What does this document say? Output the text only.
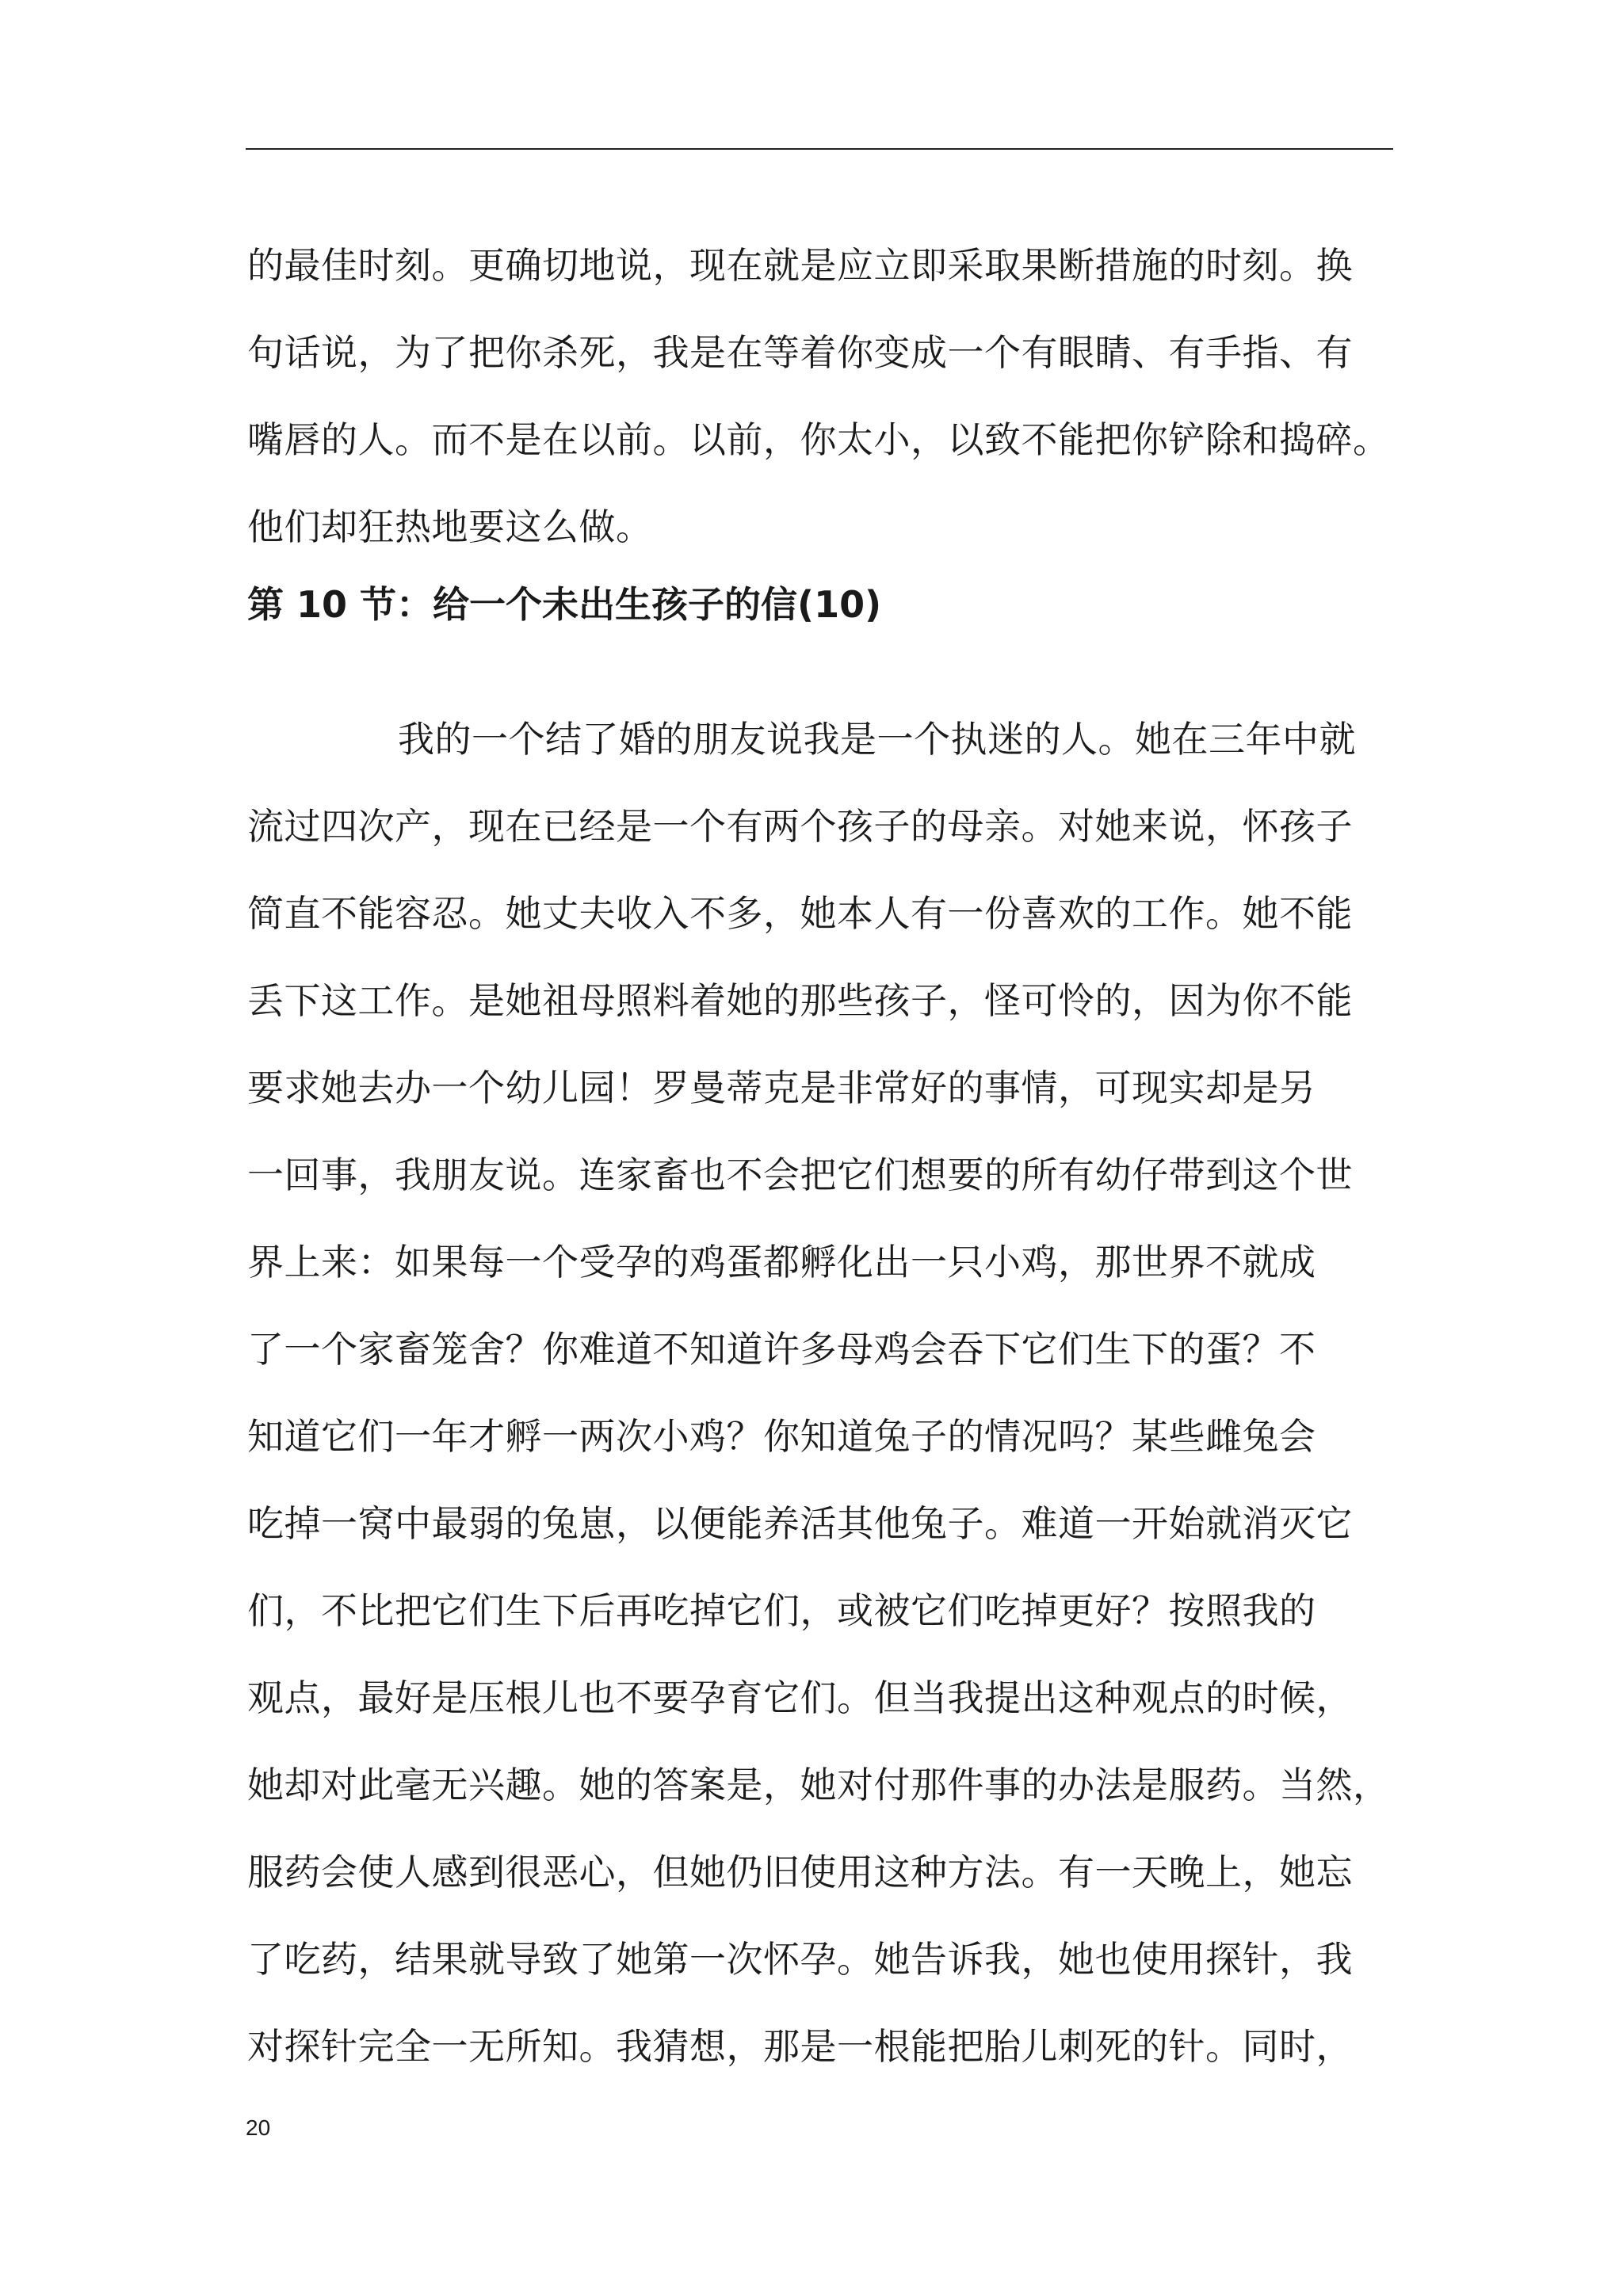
的最佳时刻。更确切地说，现在就是应立即采取果断措施的时刻。换
句话说，为了把你杀死，我是在等着你变成一个有眼睛、有手指、有
嘴唇的人。而不是在以前。以前，你太小，以致不能把你铲除和捣碎。
他们却狂热地要这么做。
第 10 节：给一个未出生孩子的信(10)
我的一个结了婚的朋友说我是一个执迷的人。她在三年中就
流过四次产，现在已经是一个有两个孩子的母亲。对她来说，怀孩子
简直不能容忍。她丈夫收入不多，她本人有一份喜欢的工作。她不能
丢下这工作。是她祖母照料着她的那些孩子，怪可怜的，因为你不能
要求她去办一个幼儿园！罗曼蒂克是非常好的事情，可现实却是另
一回事，我朋友说。连家畜也不会把它们想要的所有幼仔带到这个世
界上来：如果每一个受孕的鸡蛋都孵化出一只小鸡，那世界不就成
了一个家畜笼舍？你难道不知道许多母鸡会吞下它们生下的蛋？不
知道它们一年才孵一两次小鸡？你知道兔子的情况吗？某些雌兔会
吃掉一窝中最弱的兔崽，以便能养活其他兔子。难道一开始就消灭它
们，不比把它们生下后再吃掉它们，或被它们吃掉更好？按照我的
观点，最好是压根儿也不要孕育它们。但当我提出这种观点的时候，
她却对此毫无兴趣。她的答案是，她对付那件事的办法是服药。当然，
服药会使人感到很恶心，但她仍旧使用这种方法。有一天晚上，她忘
了吃药，结果就导致了她第一次怀孕。她告诉我，她也使用探针，我
对探针完全一无所知。我猜想，那是一根能把胎儿刺死的针。同时，
20
